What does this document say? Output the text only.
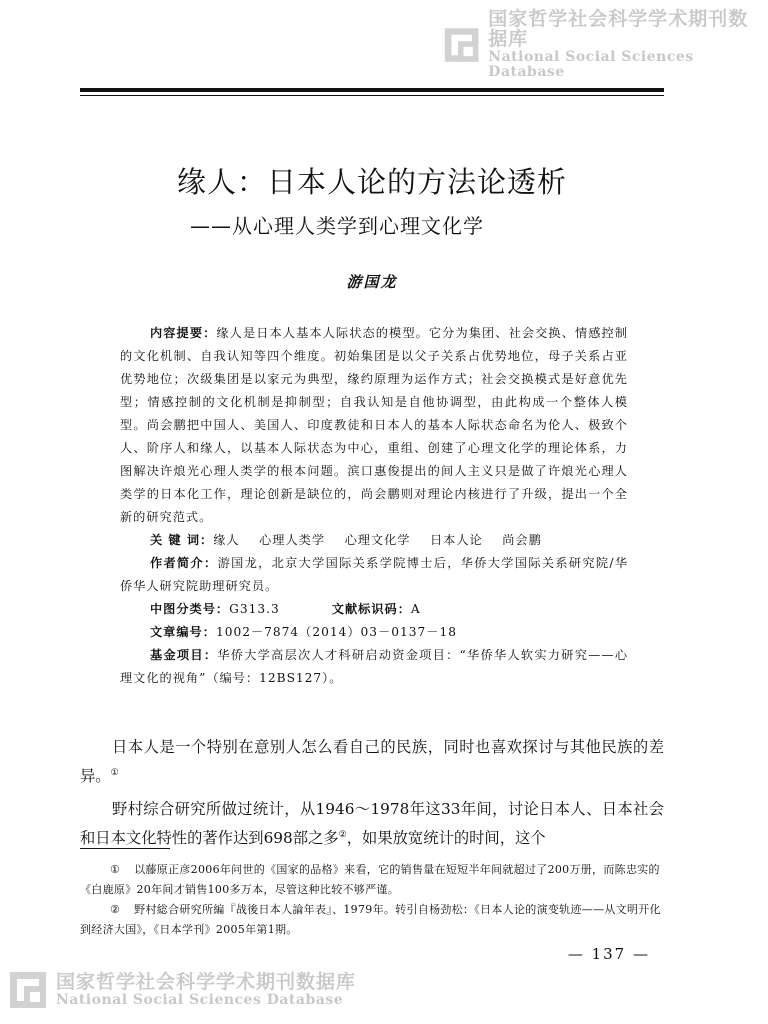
国家哲学社会科学学术期刊数据库
National Social Sciences Database
缘人：日本人论的方法论透析
——从心理人类学到心理文化学
游国龙

内容提要：缘人是日本人基本人际状态的模型。它分为集团、社会交换、情感控制的文化机制、自我认知等四个维度。初始集团是以父子关系占优势地位，母子关系占亚优势地位；次级集团是以家元为典型，缘约原理为运作方式；社会交换模式是好意优先型；情感控制的文化机制是抑制型；自我认知是自他协调型，由此构成一个整体人模型。尚会鹏把中国人、美国人、印度教徒和日本人的基本人际状态命名为伦人、极致个人、阶序人和缘人，以基本人际状态为中心，重组、创建了心理文化学的理论体系，力图解决许烺光心理人类学的根本问题。滨口惠俊提出的间人主义只是做了许烺光心理人类学的日本化工作，理论创新是缺位的，尚会鹏则对理论内核进行了升级，提出一个全新的研究范式。

关 键 词：缘人 心理人类学 心理文化学 日本人论 尚会鹏

作者简介：游国龙，北京大学国际关系学院博士后，华侨大学国际关系研究院/华侨华人研究院助理研究员。

中图分类号：G313.3	文献标识码：A

文章编号：1002－7874（2014）03－0137－18

基金项目：华侨大学高层次人才科研启动资金项目：“华侨华人软实力研究——心理文化的视角”（编号：12BS127）。

日本人是一个特别在意别人怎么看自己的民族，同时也喜欢探讨与其他民族的差异。①

野村综合研究所做过统计，从1946～1978年这33年间，讨论日本人、日本社会和日本文化特性的著作达到698部之多②，如果放宽统计的时间，这个

① 以藤原正彦2006年问世的《国家的品格》来看，它的销售量在短短半年间就超过了200万册，而陈忠实的《白鹿原》20年间才销售100多万本，尽管这种比较不够严谨。

② 野村総合研究所編『战後日本人論年表』、1979年。转引自杨劲松：《日本人论的演变轨迹——从文明开化到经济大国》，《日本学刊》2005年第1期。

— 137 —
国家哲学社会科学学术期刊数据库
National Social Sciences Database
